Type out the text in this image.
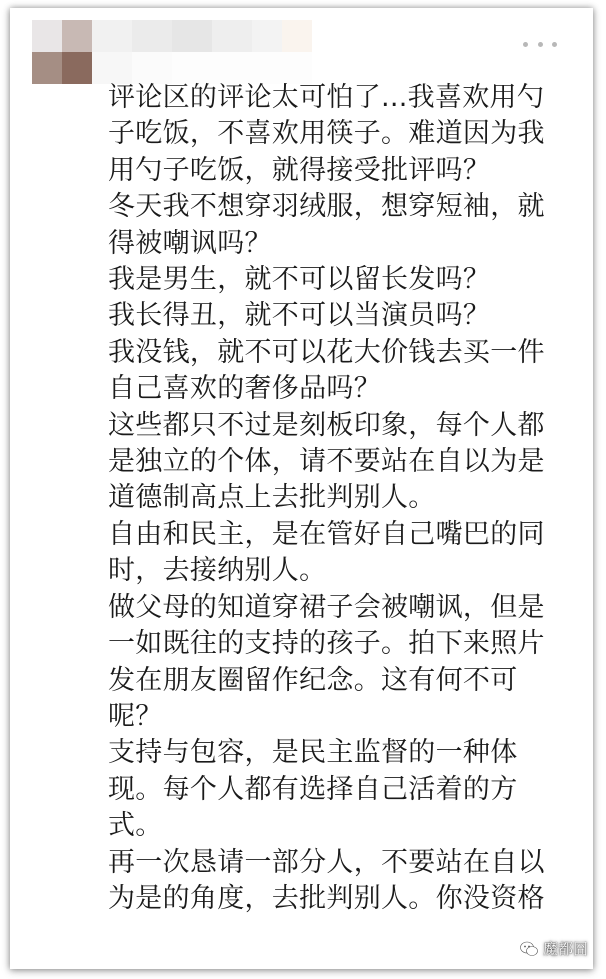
评论区的评论太可怕了...我喜欢用勺
子吃饭，不喜欢用筷子。难道因为我
用勺子吃饭，就得接受批评吗？
冬天我不想穿羽绒服，想穿短袖，就
得被嘲讽吗？
我是男生，就不可以留长发吗？
我长得丑，就不可以当演员吗？
我没钱，就不可以花大价钱去买一件
自己喜欢的奢侈品吗？
这些都只不过是刻板印象，每个人都
是独立的个体，请不要站在自以为是
道德制高点上去批判别人。
自由和民主，是在管好自己嘴巴的同
时，去接纳别人。
做父母的知道穿裙子会被嘲讽，但是
一如既往的支持的孩子。拍下来照片
发在朋友圈留作纪念。这有何不可
呢？
支持与包容，是民主监督的一种体
现。每个人都有选择自己活着的方
式。
再一次恳请一部分人，不要站在自以
为是的角度，去批判别人。你没资格
魔都囧
